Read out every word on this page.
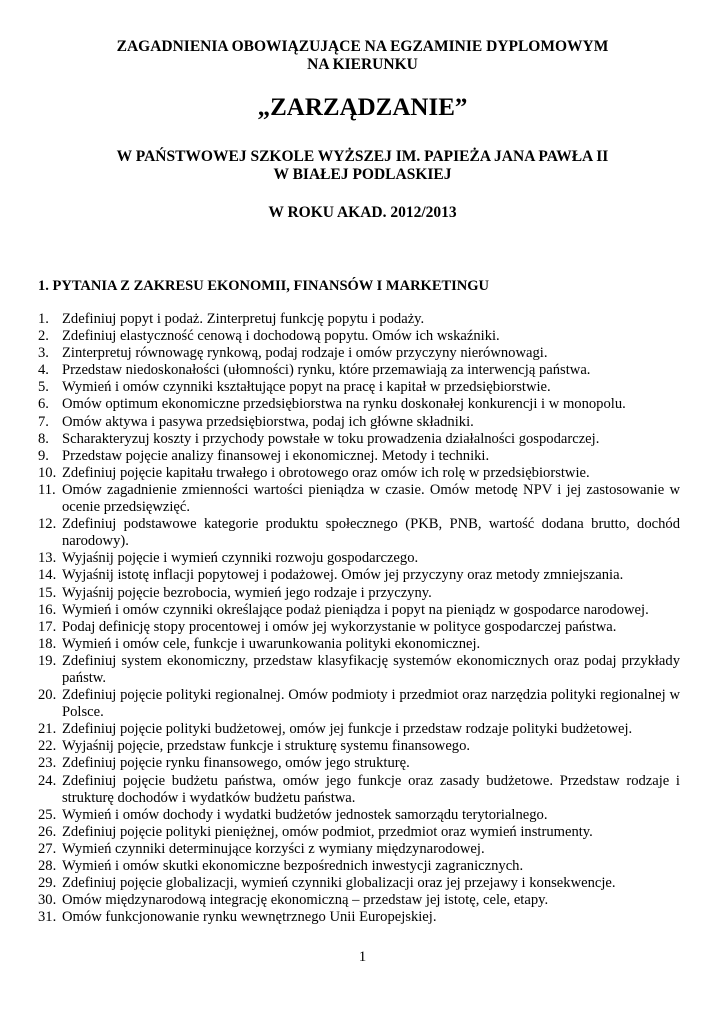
ZAGADNIENIA OBOWIĄZUJĄCE NA EGZAMINIE DYPLOMOWYM
NA KIERUNKU
„ZARZĄDZANIE”
W PAŃSTWOWEJ SZKOLE WYŻSZEJ IM. PAPIEŻA JANA PAWŁA II
W BIAŁEJ PODLASKIEJ
W ROKU AKAD. 2012/2013
1. PYTANIA Z ZAKRESU EKONOMII, FINANSÓW I MARKETINGU
1. Zdefiniuj popyt i podaż. Zinterpretuj funkcję popytu i podaży.
2. Zdefiniuj elastyczność cenową i dochodową popytu. Omów ich wskaźniki.
3. Zinterpretuj równowagę rynkową, podaj rodzaje i omów przyczyny nierównowagi.
4. Przedstaw niedoskonałości (ułomności) rynku, które przemawiają za interwencją państwa.
5. Wymień i omów czynniki kształtujące popyt na pracę i kapitał w przedsiębiorstwie.
6. Omów optimum ekonomiczne przedsiębiorstwa na rynku doskonałej konkurencji i w monopolu.
7. Omów aktywa i pasywa przedsiębiorstwa, podaj ich główne składniki.
8. Scharakteryzuj koszty i przychody powstałe w toku prowadzenia działalności gospodarczej.
9. Przedstaw pojęcie analizy finansowej i ekonomicznej. Metody i techniki.
10. Zdefiniuj pojęcie kapitału trwałego i obrotowego oraz omów ich rolę w przedsiębiorstwie.
11. Omów zagadnienie zmienności wartości pieniądza w czasie. Omów metodę NPV i jej zastosowanie w ocenie przedsięwzięć.
12. Zdefiniuj podstawowe kategorie produktu społecznego (PKB, PNB, wartość dodana brutto, dochód narodowy).
13. Wyjaśnij pojęcie i wymień czynniki rozwoju gospodarczego.
14. Wyjaśnij istotę inflacji popytowej i podażowej. Omów jej przyczyny oraz metody zmniejszania.
15. Wyjaśnij pojęcie bezrobocia, wymień jego rodzaje i przyczyny.
16. Wymień i omów czynniki określające podaż pieniądza i popyt na pieniądz w gospodarce narodowej.
17. Podaj definicję stopy procentowej i omów jej wykorzystanie w polityce gospodarczej państwa.
18. Wymień i omów cele, funkcje i uwarunkowania polityki ekonomicznej.
19. Zdefiniuj system ekonomiczny, przedstaw klasyfikację systemów ekonomicznych oraz podaj przykłady państw.
20. Zdefiniuj pojęcie polityki regionalnej. Omów podmioty i przedmiot oraz narzędzia polityki regionalnej w Polsce.
21. Zdefiniuj pojęcie polityki budżetowej, omów jej funkcje i przedstaw rodzaje polityki budżetowej.
22. Wyjaśnij pojęcie, przedstaw funkcje i strukturę systemu finansowego.
23. Zdefiniuj pojęcie rynku finansowego, omów jego strukturę.
24. Zdefiniuj pojęcie budżetu państwa, omów jego funkcje oraz zasady budżetowe. Przedstaw rodzaje i strukturę dochodów i wydatków budżetu państwa.
25. Wymień i omów dochody i wydatki budżetów jednostek samorządu terytorialnego.
26. Zdefiniuj pojęcie polityki pieniężnej, omów podmiot, przedmiot oraz wymień instrumenty.
27. Wymień czynniki determinujące korzyści z wymiany międzynarodowej.
28. Wymień i omów skutki ekonomiczne bezpośrednich inwestycji zagranicznych.
29. Zdefiniuj pojęcie globalizacji, wymień czynniki globalizacji oraz jej przejawy i konsekwencje.
30. Omów międzynarodową integrację ekonomiczną – przedstaw jej istotę, cele, etapy.
31. Omów funkcjonowanie rynku wewnętrznego Unii Europejskiej.
1
